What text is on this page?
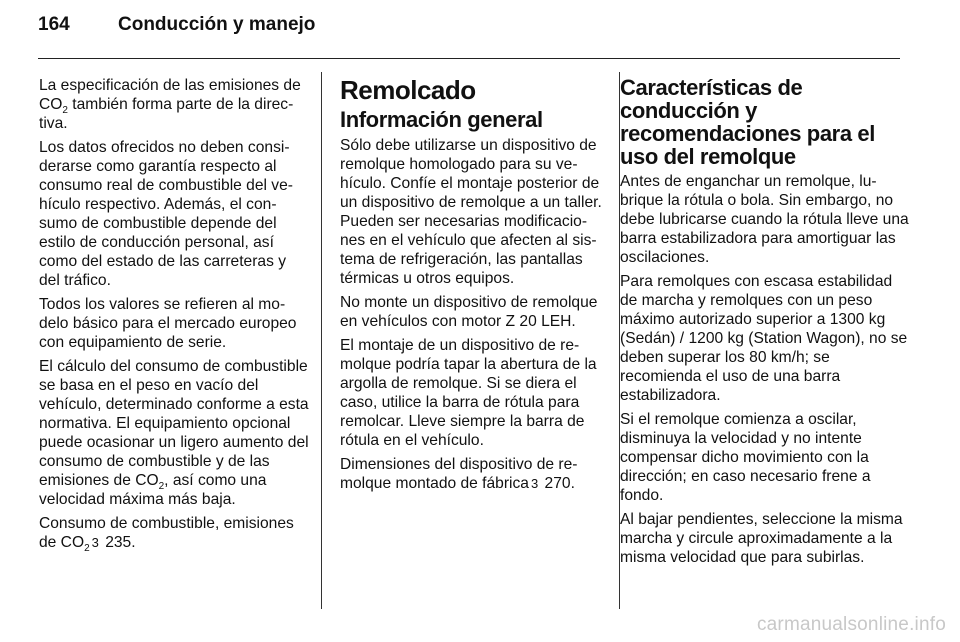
164	Conducción y manejo

La especificación de las emisiones de $CO_2$ también forma parte de la directiva.

Los datos ofrecidos no deben considerarse como garantía respecto al consumo real de combustible del vehículo respectivo. Además, el consumo de combustible depende del estilo de conducción personal, así como del estado de las carreteras y del tráfico.

Todos los valores se refieren al modelo básico para el mercado europeo con equipamiento de serie.

El cálculo del consumo de combustible se basa en el peso en vacío del vehículo, determinado conforme a esta normativa. El equipamiento opcional puede ocasionar un ligero aumento del consumo de combustible y de las emisiones de $CO_2$, así como una velocidad máxima más baja.

Consumo de combustible, emisiones de $CO_2$ 3 235.

Remolcado
Información general

Sólo debe utilizarse un dispositivo de remolque homologado para su vehículo. Confíe el montaje posterior de un dispositivo de remolque a un taller. Pueden ser necesarias modificaciones en el vehículo que afecten al sistema de refrigeración, las pantallas térmicas u otros equipos.

No monte un dispositivo de remolque en vehículos con motor Z 20 LEH.

El montaje de un dispositivo de remolque podría tapar la abertura de la argolla de remolque. Si se diera el caso, utilice la barra de rótula para remolcar. Lleve siempre la barra de rótula en el vehículo.

Dimensiones del dispositivo de remolque montado de fábrica 3 270.

Características de conducción y recomendaciones para el uso del remolque

Antes de enganchar un remolque, lubrique la rótula o bola. Sin embargo, no debe lubricarse cuando la rótula lleve una barra estabilizadora para amortiguar las oscilaciones.

Para remolques con escasa estabilidad de marcha y remolques con un peso máximo autorizado superior a 1300 kg (Sedán) / 1200 kg (Station Wagon), no se deben superar los 80 km/h; se recomienda el uso de una barra estabilizadora.

Si el remolque comienza a oscilar, disminuya la velocidad y no intente compensar dicho movimiento con la dirección; en caso necesario frene a fondo.

Al bajar pendientes, seleccione la misma marcha y circule aproximadamente a la misma velocidad que para subirlas.

carmanualsonline.info
